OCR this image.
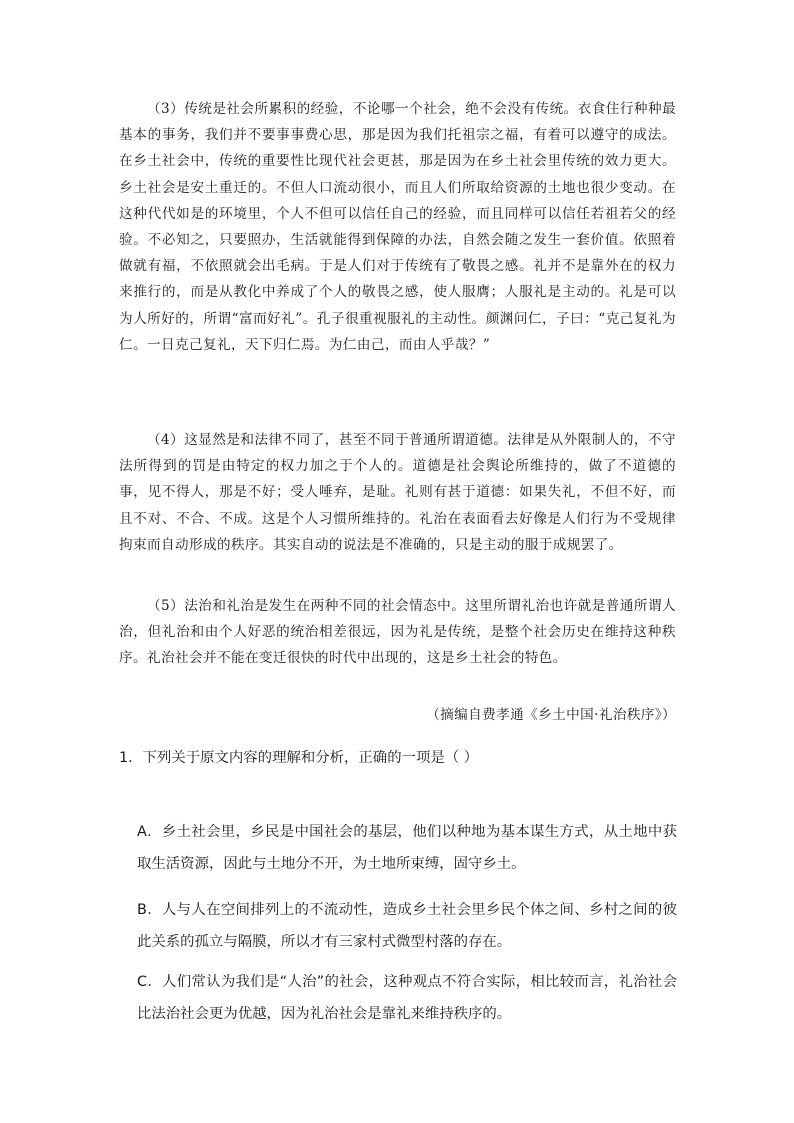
（3）传统是社会所累积的经验，不论哪一个社会，绝不会没有传统。衣食住行种种最基本的事务，我们并不要事事费心思，那是因为我们托祖宗之福，有着可以遵守的成法。在乡土社会中，传统的重要性比现代社会更甚，那是因为在乡土社会里传统的效力更大。乡土社会是安土重迁的。不但人口流动很小，而且人们所取给资源的土地也很少变动。在这种代代如是的环境里，个人不但可以信任自己的经验，而且同样可以信任若祖若父的经验。不必知之，只要照办，生活就能得到保障的办法，自然会随之发生一套价值。依照着做就有福，不依照就会出毛病。于是人们对于传统有了敬畏之感。礼并不是靠外在的权力来推行的，而是从教化中养成了个人的敬畏之感，使人服膺；人服礼是主动的。礼是可以为人所好的，所谓“富而好礼”。孔子很重视服礼的主动性。颜渊问仁，子曰：“克己复礼为仁。一日克己复礼，天下归仁焉。为仁由己，而由人乎哉？”

（4）这显然是和法律不同了，甚至不同于普通所谓道德。法律是从外限制人的，不守法所得到的罚是由特定的权力加之于个人的。道德是社会舆论所维持的，做了不道德的事，见不得人，那是不好；受人唾弃，是耻。礼则有甚于道德：如果失礼，不但不好，而且不对、不合、不成。这是个人习惯所维持的。礼治在表面看去好像是人们行为不受规律拘束而自动形成的秩序。其实自动的说法是不准确的，只是主动的服于成规罢了。

（5）法治和礼治是发生在两种不同的社会情态中。这里所谓礼治也许就是普通所谓人治，但礼治和由个人好恶的统治相差很远，因为礼是传统，是整个社会历史在维持这种秩序。礼治社会并不能在变迁很快的时代中出现的，这是乡土社会的特色。

（摘编自费孝通《乡土中国·礼治秩序》）

1．下列关于原文内容的理解和分析，正确的一项是（ ）

A．乡土社会里，乡民是中国社会的基层，他们以种地为基本谋生方式，从土地中获取生活资源，因此与土地分不开，为土地所束缚，固守乡土。

B．人与人在空间排列上的不流动性，造成乡土社会里乡民个体之间、乡村之间的彼此关系的孤立与隔膜，所以才有三家村式微型村落的存在。

C．人们常认为我们是“人治”的社会，这种观点不符合实际，相比较而言，礼治社会比法治社会更为优越，因为礼治社会是靠礼来维持秩序的。
